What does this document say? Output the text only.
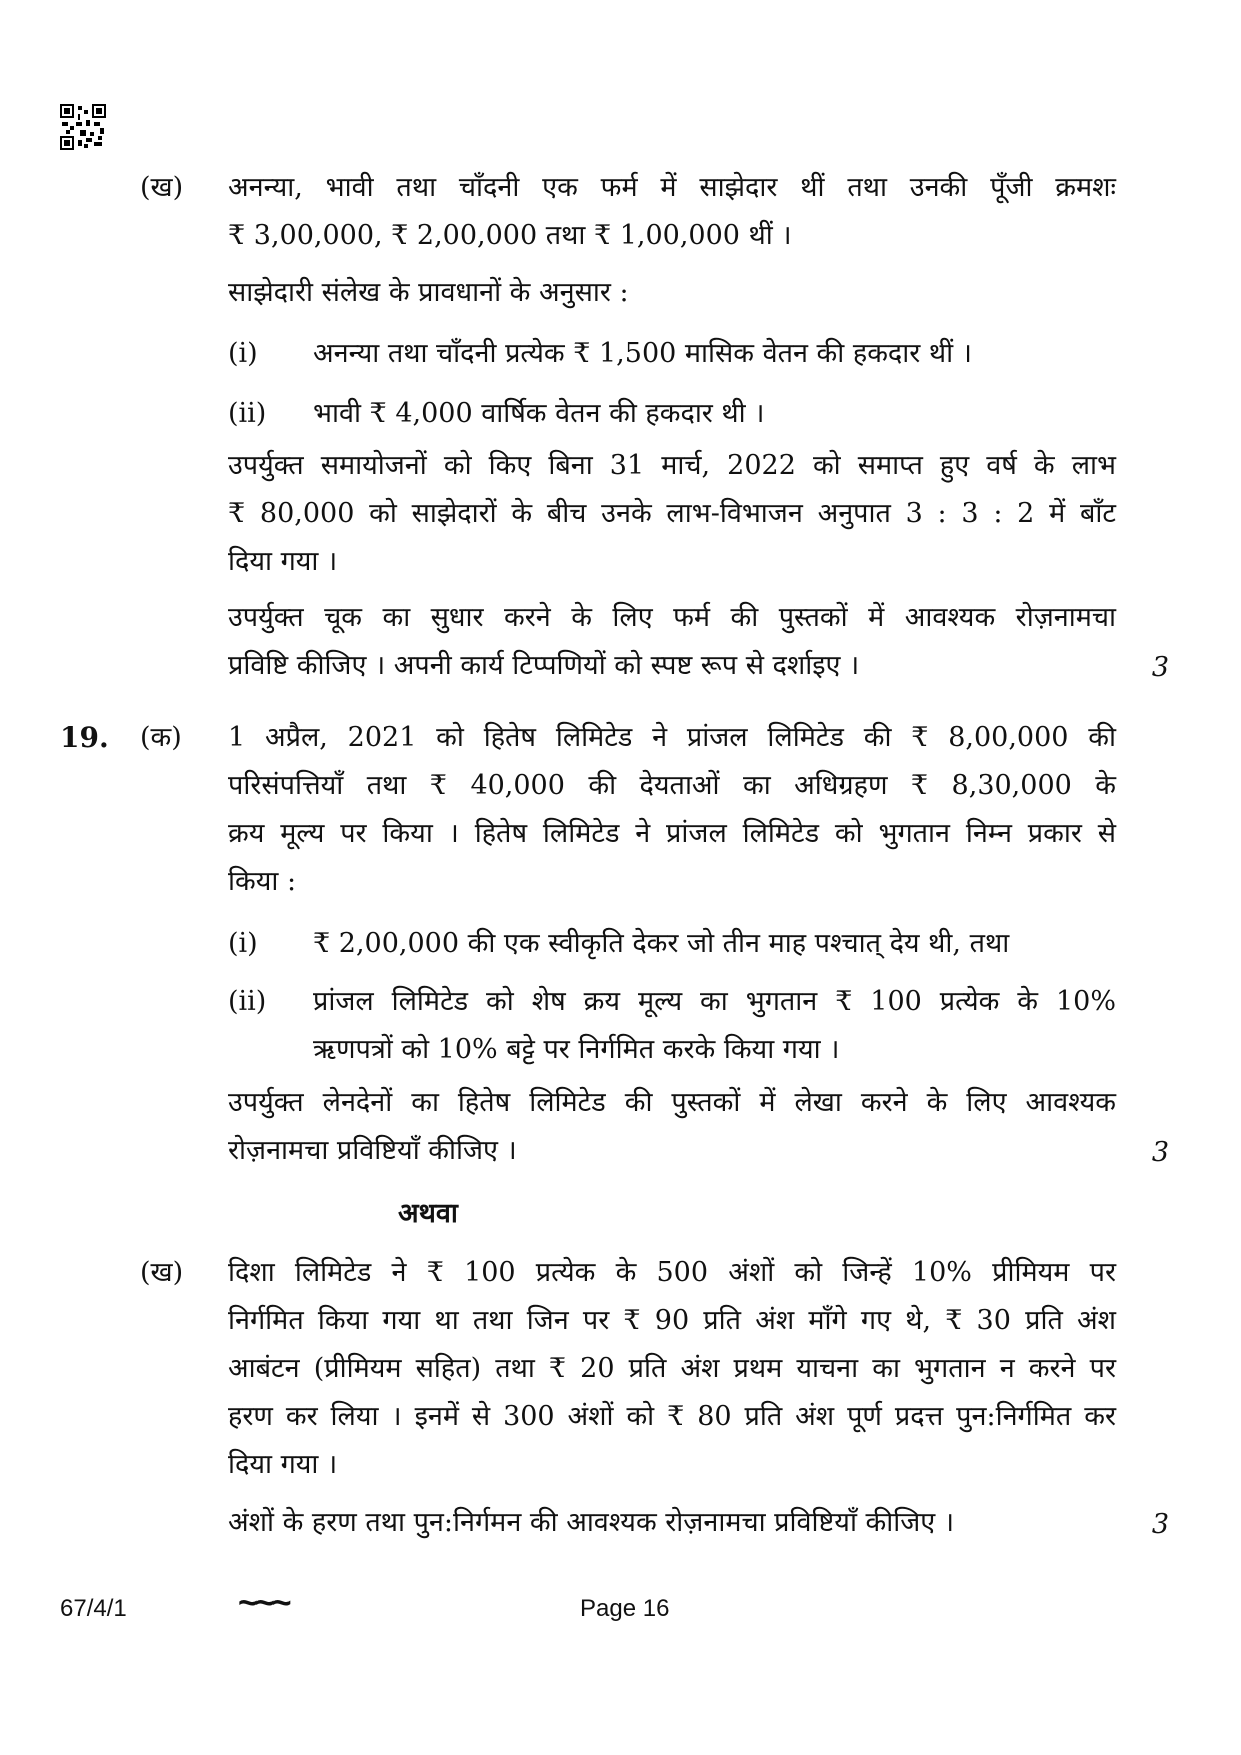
(ख) अनन्या, भावी तथा चाँदनी एक फर्म में साझेदार थीं तथा उनकी पूँजी क्रमशः
₹ 3,00,000, ₹ 2,00,000 तथा ₹ 1,00,000 थीं ।
साझेदारी संलेख के प्रावधानों के अनुसार :
(i) अनन्या तथा चाँदनी प्रत्येक ₹ 1,500 मासिक वेतन की हकदार थीं ।
(ii) भावी ₹ 4,000 वार्षिक वेतन की हकदार थी ।
उपर्युक्त समायोजनों को किए बिना 31 मार्च, 2022 को समाप्त हुए वर्ष के लाभ
₹ 80,000 को साझेदारों के बीच उनके लाभ-विभाजन अनुपात 3 : 3 : 2 में बाँट
दिया गया ।
उपर्युक्त चूक का सुधार करने के लिए फर्म की पुस्तकों में आवश्यक रोज़नामचा
प्रविष्टि कीजिए । अपनी कार्य टिप्पणियों को स्पष्ट रूप से दर्शाइए ।	3
19. (क) 1 अप्रैल, 2021 को हितेष लिमिटेड ने प्रांजल लिमिटेड की ₹ 8,00,000 की
परिसंपत्तियाँ तथा ₹ 40,000 की देयताओं का अधिग्रहण ₹ 8,30,000 के
क्रय मूल्य पर किया । हितेष लिमिटेड ने प्रांजल लिमिटेड को भुगतान निम्न प्रकार से
किया :
(i) ₹ 2,00,000 की एक स्वीकृति देकर जो तीन माह पश्चात् देय थी, तथा
(ii) प्रांजल लिमिटेड को शेष क्रय मूल्य का भुगतान ₹ 100 प्रत्येक के 10%
ऋणपत्रों को 10% बट्टे पर निर्गमित करके किया गया ।
उपर्युक्त लेनदेनों का हितेष लिमिटेड की पुस्तकों में लेखा करने के लिए आवश्यक
रोज़नामचा प्रविष्टियाँ कीजिए ।	3
अथवा
(ख) दिशा लिमिटेड ने ₹ 100 प्रत्येक के 500 अंशों को जिन्हें 10% प्रीमियम पर
निर्गमित किया गया था तथा जिन पर ₹ 90 प्रति अंश माँगे गए थे, ₹ 30 प्रति अंश
आबंटन (प्रीमियम सहित) तथा ₹ 20 प्रति अंश प्रथम याचना का भुगतान न करने पर
हरण कर लिया । इनमें से 300 अंशों को ₹ 80 प्रति अंश पूर्ण प्रदत्त पुन:निर्गमित कर
दिया गया ।
अंशों के हरण तथा पुन:निर्गमन की आवश्यक रोज़नामचा प्रविष्टियाँ कीजिए ।	3
67/4/1	~~~	Page 16
